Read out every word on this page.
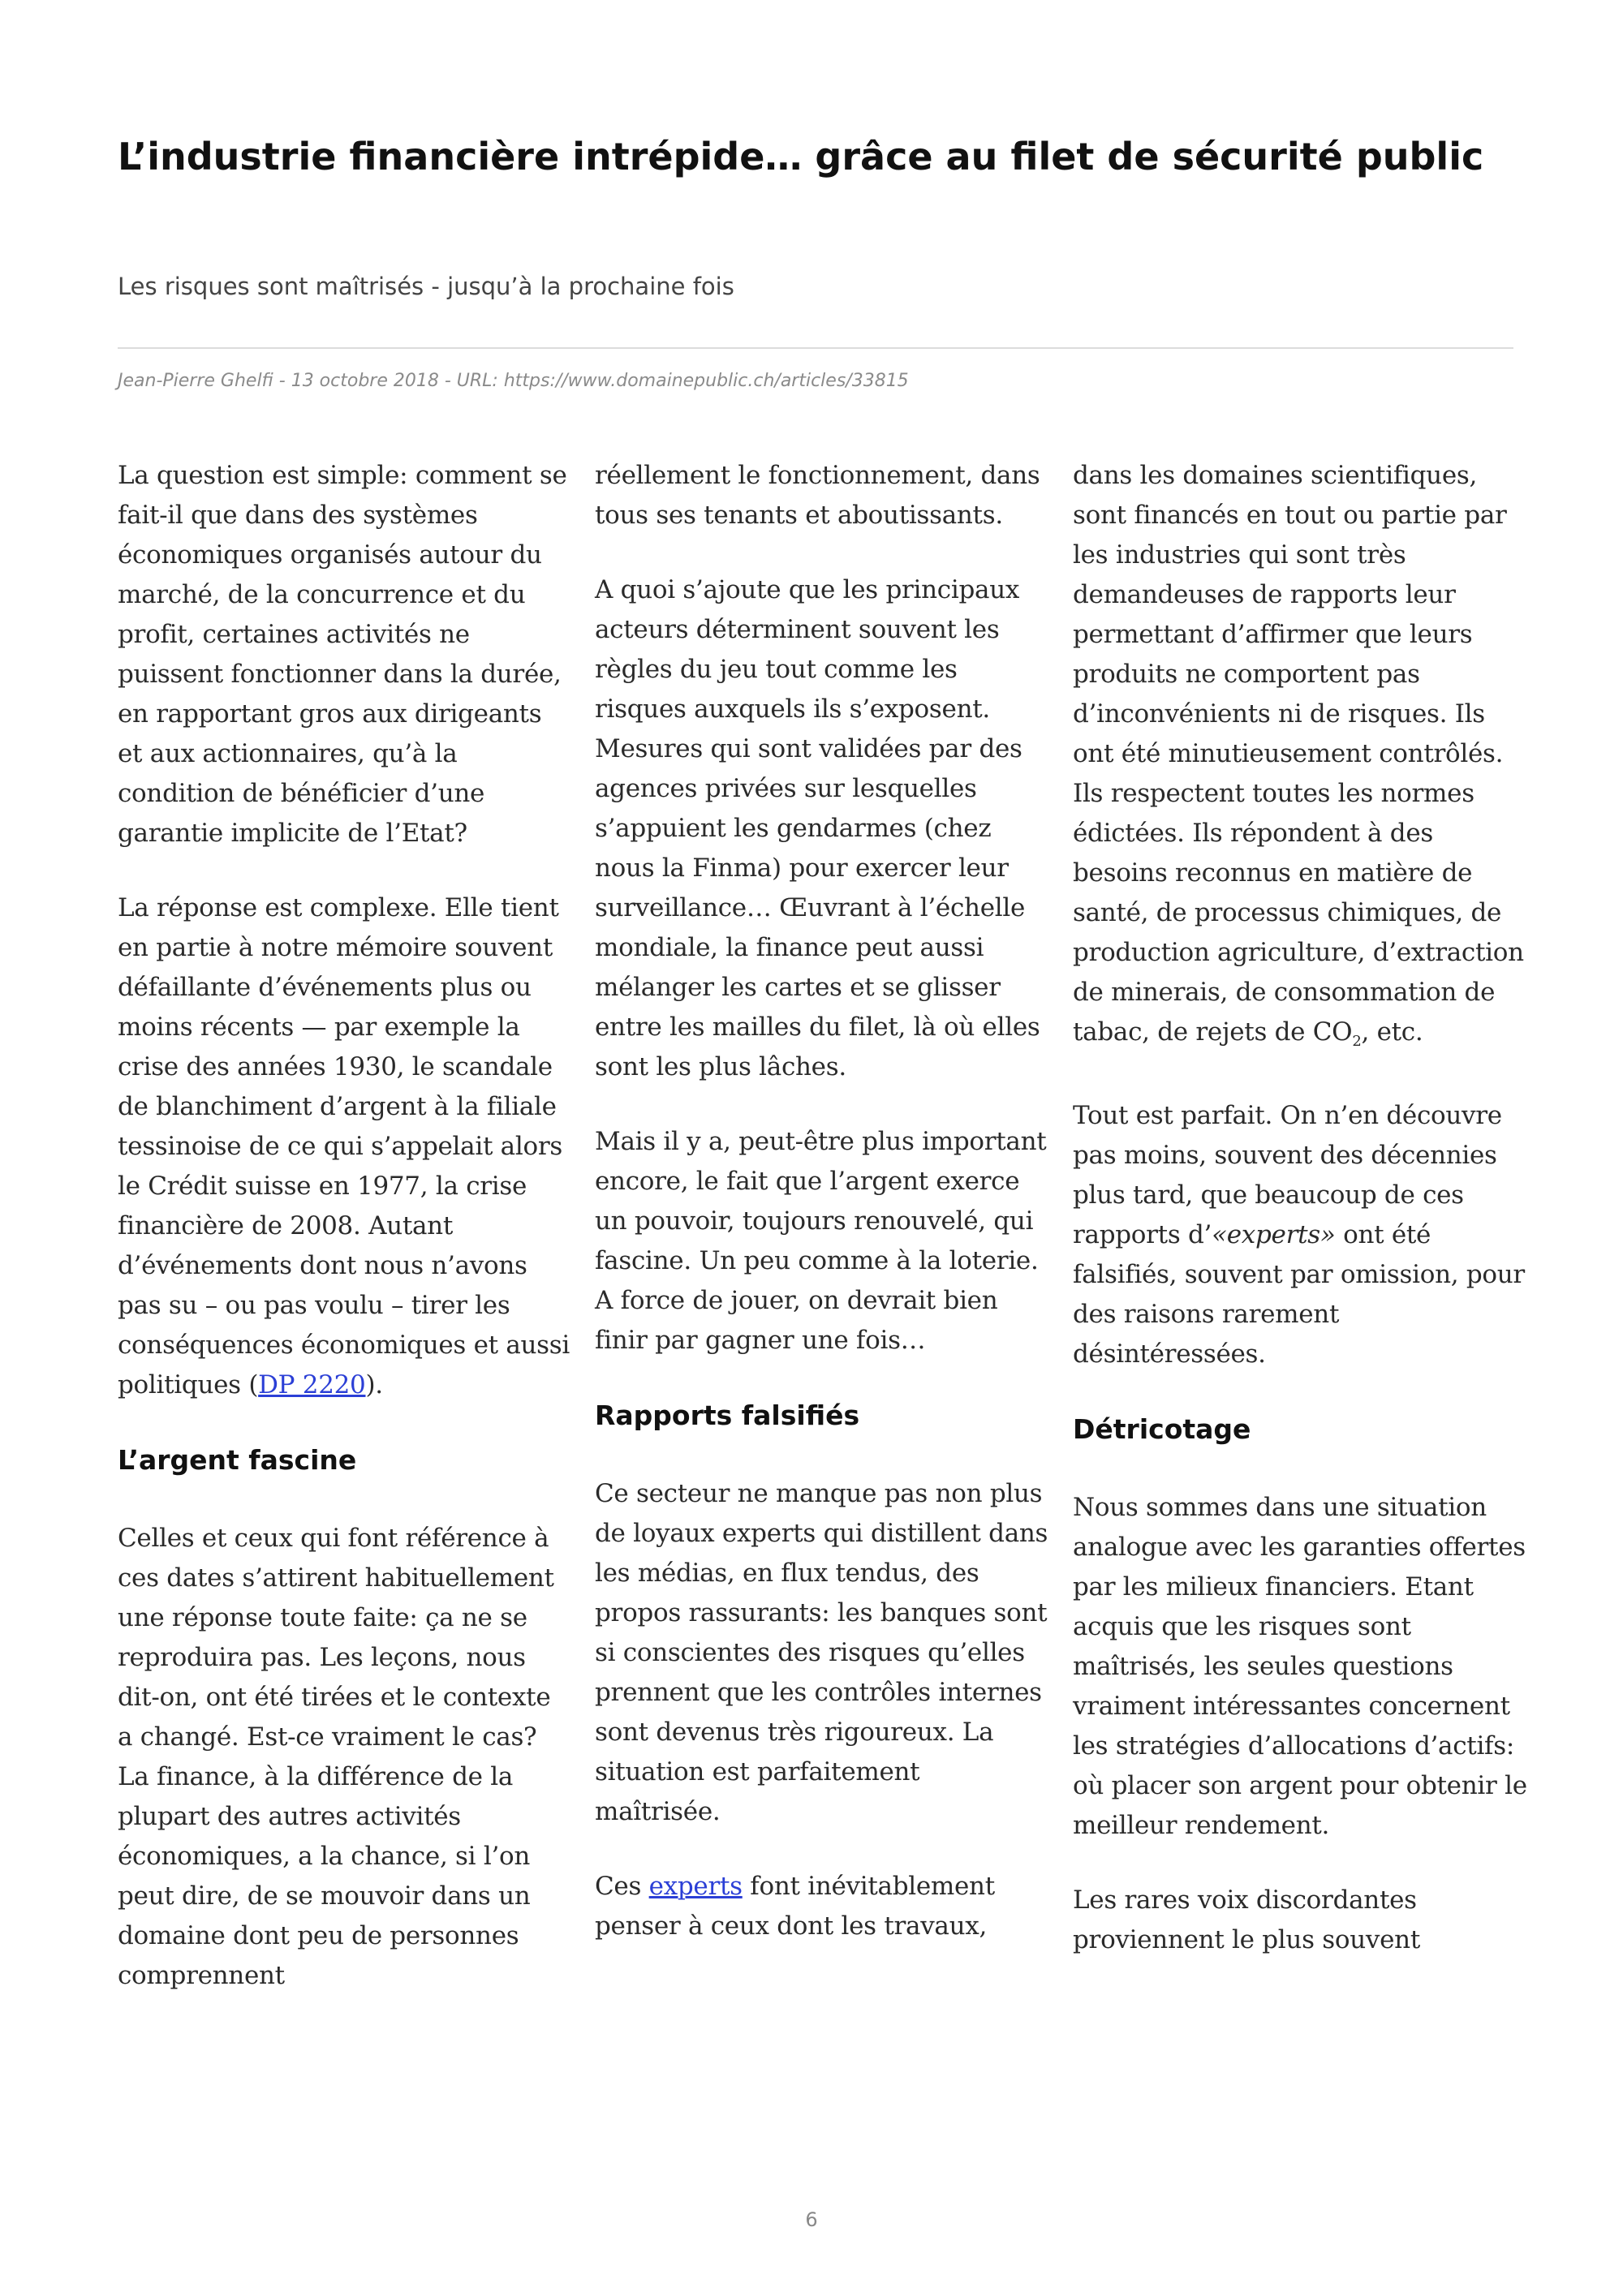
L’industrie financière intrépide… grâce au filet de sécurité public

Les risques sont maîtrisés - jusqu’à la prochaine fois

Jean-Pierre Ghelfi - 13 octobre 2018 - URL: https://www.domainepublic.ch/articles/33815

La question est simple: comment se fait-il que dans des systèmes économiques organisés autour du marché, de la concurrence et du profit, certaines activités ne puissent fonctionner dans la durée, en rapportant gros aux dirigeants et aux actionnaires, qu’à la condition de bénéficier d’une garantie implicite de l’Etat?

La réponse est complexe. Elle tient en partie à notre mémoire souvent défaillante d’événements plus ou moins récents — par exemple la crise des années 1930, le scandale de blanchiment d’argent à la filiale tessinoise de ce qui s’appelait alors le Crédit suisse en 1977, la crise financière de 2008. Autant d’événements dont nous n’avons pas su – ou pas voulu – tirer les conséquences économiques et aussi politiques (DP 2220).

L’argent fascine

Celles et ceux qui font référence à ces dates s’attirent habituellement une réponse toute faite: ça ne se reproduira pas. Les leçons, nous dit-on, ont été tirées et le contexte a changé. Est-ce vraiment le cas? La finance, à la différence de la plupart des autres activités économiques, a la chance, si l’on peut dire, de se mouvoir dans un domaine dont peu de personnes comprennent

réellement le fonctionnement, dans tous ses tenants et aboutissants.

A quoi s’ajoute que les principaux acteurs déterminent souvent les règles du jeu tout comme les risques auxquels ils s’exposent. Mesures qui sont validées par des agences privées sur lesquelles s’appuient les gendarmes (chez nous la Finma) pour exercer leur surveillance… Œuvrant à l’échelle mondiale, la finance peut aussi mélanger les cartes et se glisser entre les mailles du filet, là où elles sont les plus lâches.

Mais il y a, peut-être plus important encore, le fait que l’argent exerce un pouvoir, toujours renouvelé, qui fascine. Un peu comme à la loterie. A force de jouer, on devrait bien finir par gagner une fois…

Rapports falsifiés

Ce secteur ne manque pas non plus de loyaux experts qui distillent dans les médias, en flux tendus, des propos rassurants: les banques sont si conscientes des risques qu’elles prennent que les contrôles internes sont devenus très rigoureux. La situation est parfaitement maîtrisée.

Ces experts font inévitablement penser à ceux dont les travaux,

dans les domaines scientifiques, sont financés en tout ou partie par les industries qui sont très demandeuses de rapports leur permettant d’affirmer que leurs produits ne comportent pas d’inconvénients ni de risques. Ils ont été minutieusement contrôlés. Ils respectent toutes les normes édictées. Ils répondent à des besoins reconnus en matière de santé, de processus chimiques, de production agriculture, d’extraction de minerais, de consommation de tabac, de rejets de $CO_2$, etc.

Tout est parfait. On n’en découvre pas moins, souvent des décennies plus tard, que beaucoup de ces rapports d’«experts» ont été falsifiés, souvent par omission, pour des raisons rarement désintéressées.

Détricotage

Nous sommes dans une situation analogue avec les garanties offertes par les milieux financiers. Etant acquis que les risques sont maîtrisés, les seules questions vraiment intéressantes concernent les stratégies d’allocations d’actifs: où placer son argent pour obtenir le meilleur rendement.

Les rares voix discordantes proviennent le plus souvent

6
